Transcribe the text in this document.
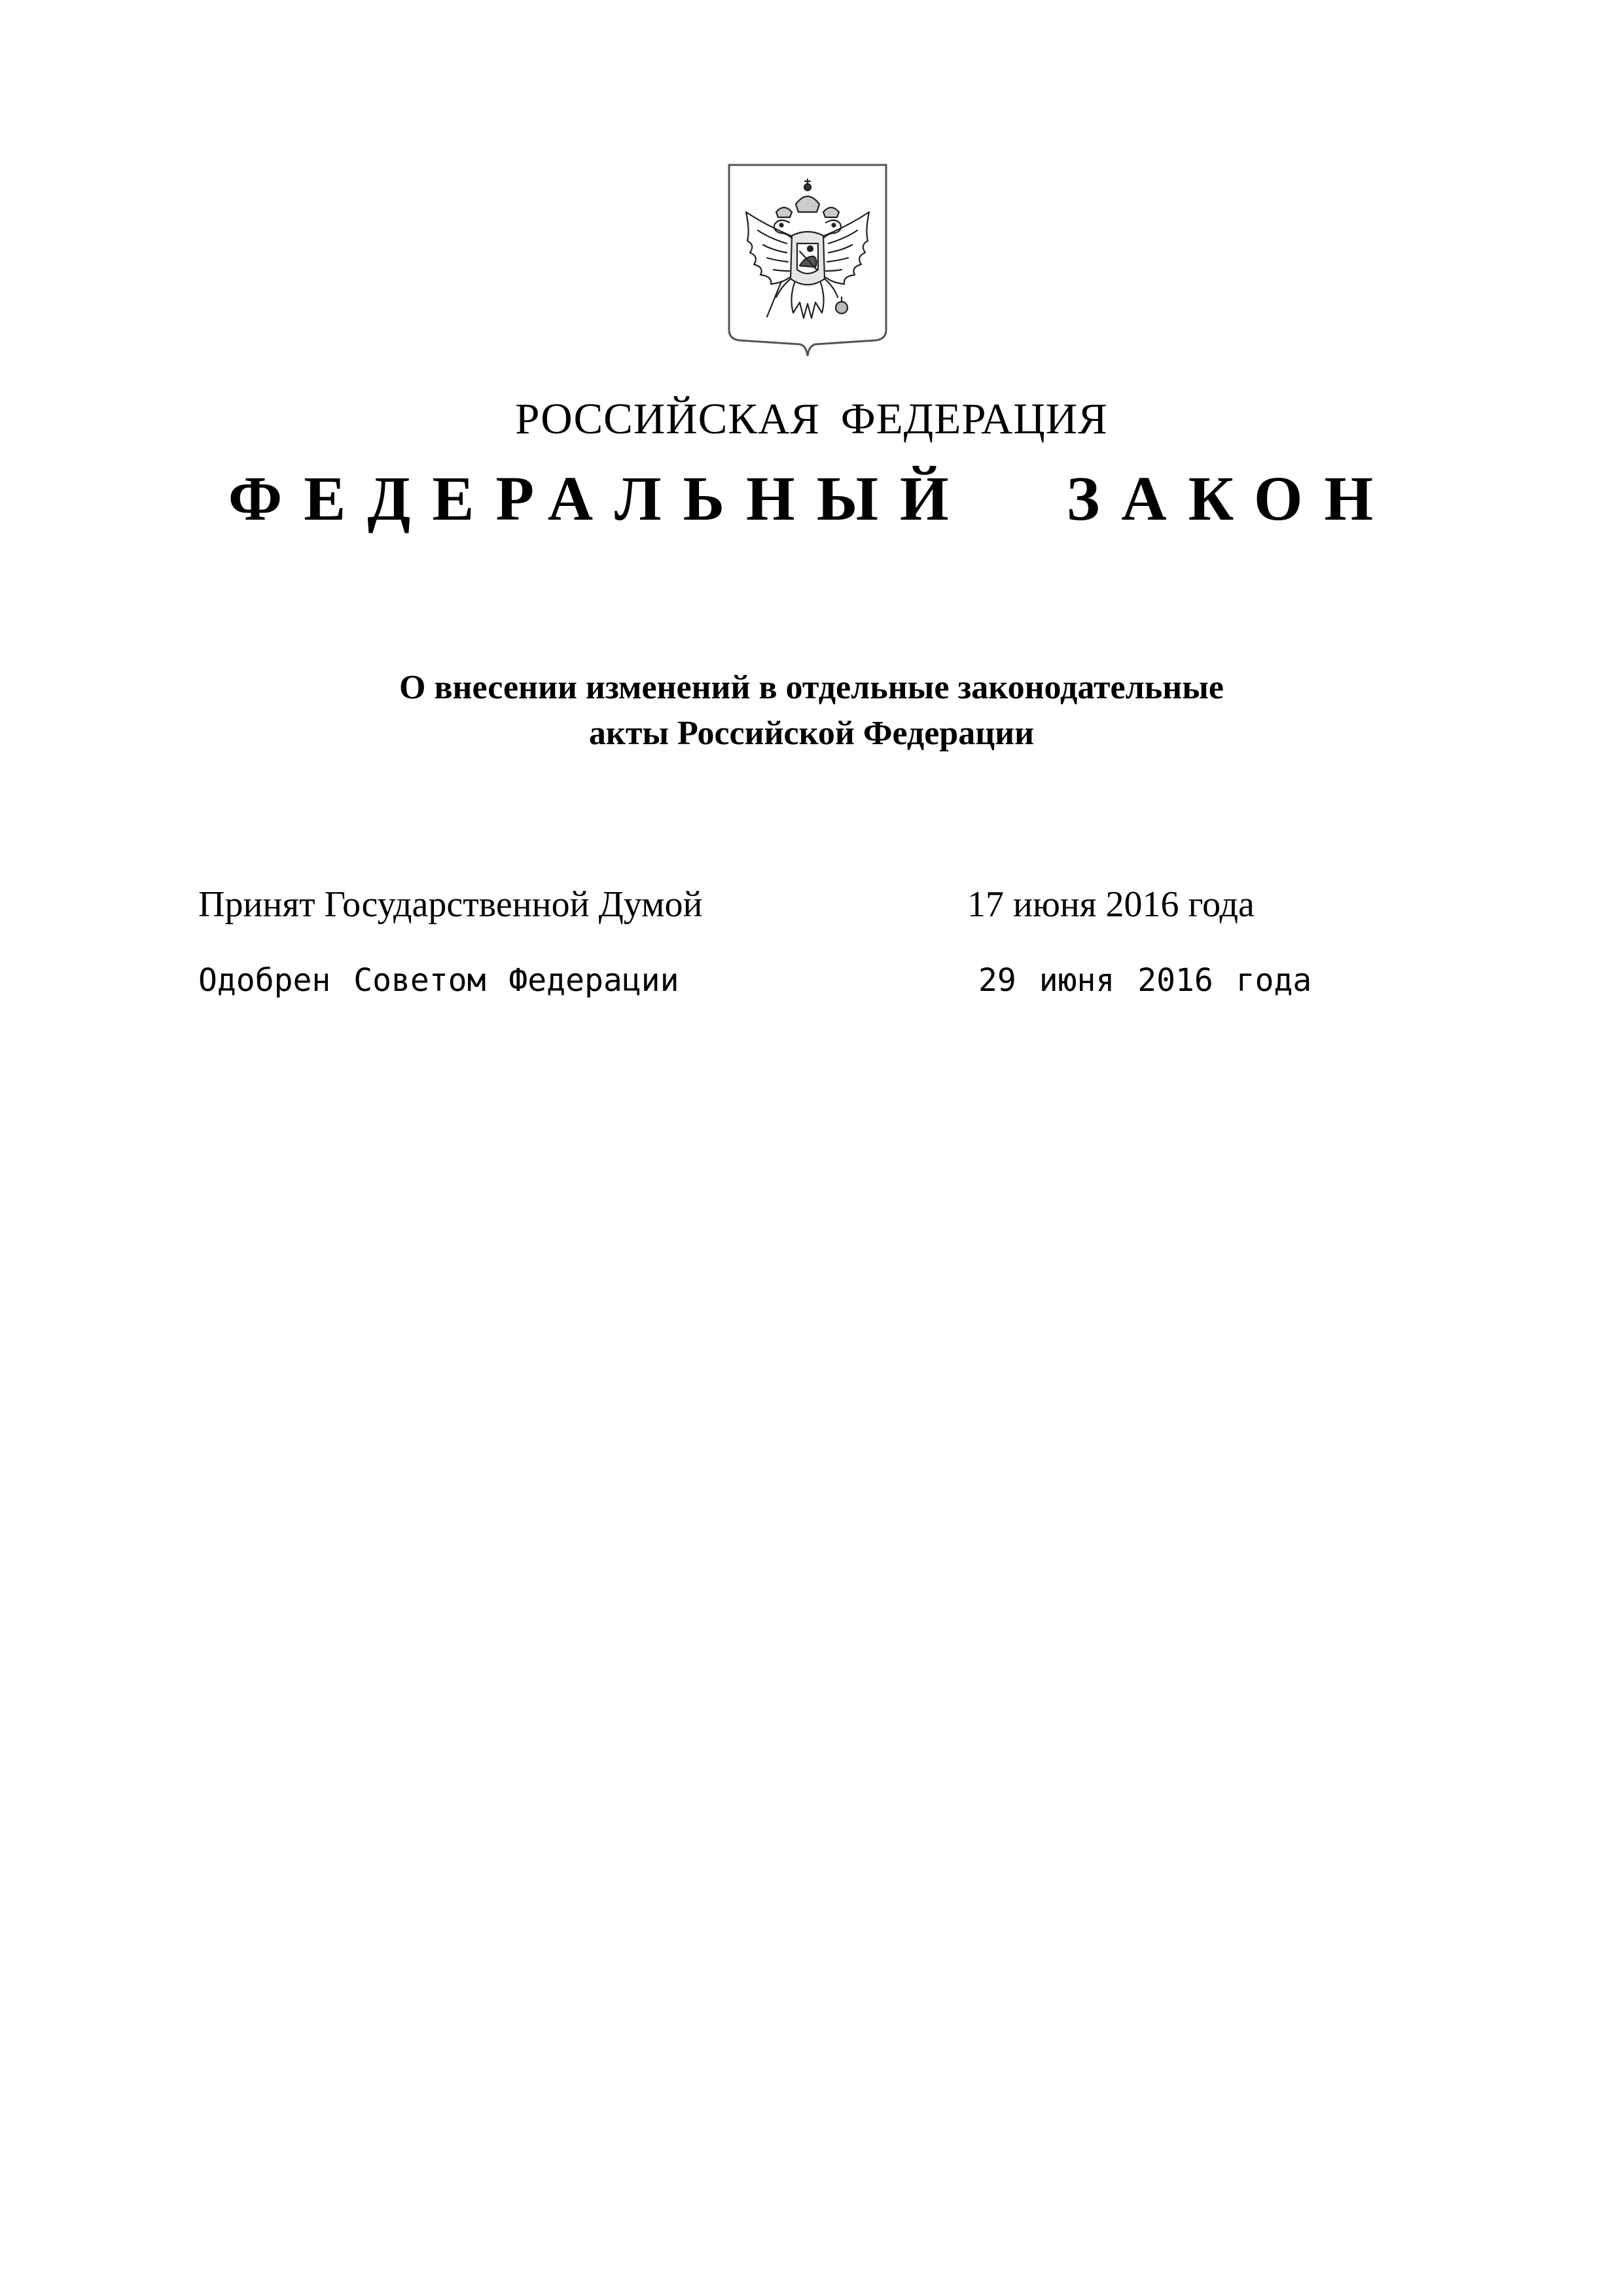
РОССИЙСКАЯ ФЕДЕРАЦИЯ
ФЕДЕРАЛЬНЫЙ ЗАКОН
О внесении изменений в отдельные законодательные
акты Российской Федерации
Принят Государственной Думой	17 июня 2016 года
Одобрен Советом Федерации	29 июня 2016 года
